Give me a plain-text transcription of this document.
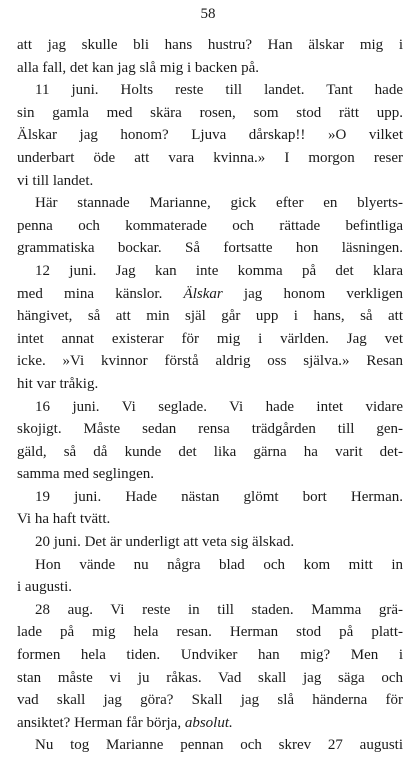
58
att jag skulle bli hans hustru? Han älskar mig i
alla fall, det kan jag slå mig i backen på.
11 juni. Holts reste till landet. Tant hade
sin gamla med skära rosen, som stod rätt upp.
Älskar jag honom? Ljuva dårskap!! »O vilket
underbart öde att vara kvinna.» I morgon reser
vi till landet.
Här stannade Marianne, gick efter en blyerts-
penna och kommaterade och rättade befintliga
grammatiska bockar. Så fortsatte hon läsningen.
12 juni. Jag kan inte komma på det klara
med mina känslor. Älskar jag honom verkligen
hängivet, så att min själ går upp i hans, så att
intet annat existerar för mig i världen. Jag vet
icke. »Vi kvinnor förstå aldrig oss själva.» Resan
hit var tråkig.
16 juni. Vi seglade. Vi hade intet vidare
skojigt. Måste sedan rensa trädgården till gen-
gäld, så då kunde det lika gärna ha varit det-
samma med seglingen.
19 juni. Hade nästan glömt bort Herman.
Vi ha haft tvätt.
20 juni. Det är underligt att veta sig älskad.
Hon vände nu några blad och kom mitt in
i augusti.
28 aug. Vi reste in till staden. Mamma grä-
lade på mig hela resan. Herman stod på platt-
formen hela tiden. Undviker han mig? Men i
stan måste vi ju råkas. Vad skall jag säga och
vad skall jag göra? Skall jag slå händerna för
ansiktet? Herman får börja, absolut.
Nu tog Marianne pennan och skrev 27 augusti
